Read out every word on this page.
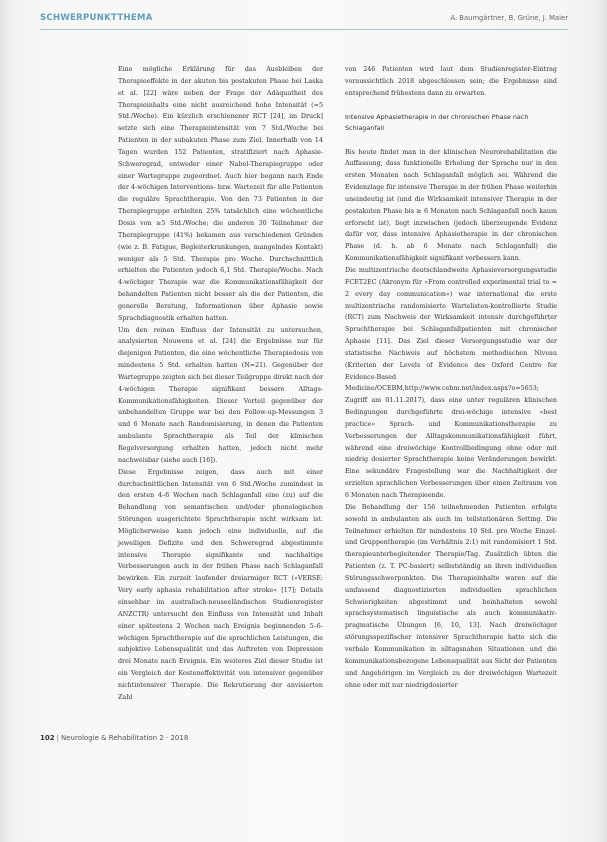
SCHWERPUNKTTHEMA	A. Baumgärtner, B. Grüne, J. Maier

Eine mögliche Erklärung für das Ausbleiben der Therapieeffekte in der akuten bis postakuten Phase bei Laska et al. [22] wäre neben der Frage der Adäquatheit des Therapieinhalts eine nicht ausreichend hohe Intensität (=5 Std./Woche). Ein kürzlich erschienener RCT [24], im Druck] setzte sich eine Therapieintensität von 7 Std./Woche bei Patienten in der subakuten Phase zum Ziel. Innerhalb von 14 Tagen wurden 152 Patienten, stratifiziert nach Aphasie-Schweregrad, entweder einer Nabel-Therapiegruppe oder einer Wartegruppe zugeordnet. Auch hier begann nach Ende der 4-wöchigen Interventions- bzw. Wartezeit für alle Patienten die reguläre Sprachtherapie. Von den 73 Patienten in der Therapiegruppe erhielten 25% tatsächlich eine wöchentliche Dosis von ≥5 Std./Woche; die anderen 30 Teilnehmer der Therapiegruppe (41%) bekamen aus verschiedenen Gründen (wie z. B. Fatigue, Begleiterkrankungen, mangelndes Kontakt) weniger als 5 Std. Therapie pro Woche. Durchschnittlich erhielten die Patienten jedoch 6,1 Std. Therapie/Woche. Nach 4-wöchiger Therapie war die Kommunikationsfähigkeit der behandelten Patienten nicht besser als die der Patienten, die generelle Beratung, Informationen über Aphasie sowie Sprachdiagnostik erhalten hatten.

Um den reinen Einfluss der Intensität zu untersuchen, analysierten Nouwens et al. [24] die Ergebnisse nur für diejenigen Patienten, die eine wöchentliche Therapiedosis von mindestens 5 Std. erhalten hatten (N=21). Gegenüber der Wartegruppe zeigten sich bei dieser Teilgruppe direkt nach der 4-wöchigen Therapie signifikant bessere Alltags-Kommunikationsfähigkeiten. Dieser Vorteil gegenüber der unbehandelten Gruppe war bei den Follow-up-Messungen 3 und 6 Monate nach Randomisierung, in denen die Patienten ambulante Sprachtherapie als Teil der klinischen Regelversorgung erhalten hatten, jedoch nicht mehr nachweisbar (siehe auch [16]).

Diese Ergebnisse zeigen, dass auch mit einer durchschnittlichen Intensität von 6 Std./Woche zumindest in den ersten 4–6 Wochen nach Schlaganfall eine (zu) auf die Behandlung von semantischen und/oder phonologischen Störungen ausgerichtete Sprachtherapie nicht wirksam ist. Möglicherweise kann jedoch eine individuelle, auf die jeweiligen Defizite und den Schweregrad abgestimmte intensive Therapie signifikante und nachhaltige Verbesserungen auch in der frühen Phase nach Schlaganfall bewirken. Ein zurzeit laufender dreiarmiger RCT (»VERSE: Very early aphasia rehabilitation after stroke« [17]; Details einsehbar im australisch-neuseeländischen Studienregister ANZCTR) untersucht den Einfluss von Intensität und Inhalt einer spätestens 2 Wochen nach Ereignis beginnenden 5–6-wöchigen Sprachtherapie auf die sprachlichen Leistungen, die subjektive Lebensqualität und das Auftreten von Depression drei Monate nach Ereignis. Ein weiteres Ziel dieser Studie ist ein Vergleich der Kosteneffektivität von intensiver gegenüber nichtintensiver Therapie. Die Rekrutierung der anvisierten Zahl

von 246 Patienten wird laut dem Studienregister-Eintrag voraussichtlich 2018 abgeschlossen sein; die Ergebnisse sind entsprechend frühestens dann zu erwarten.

Intensive Aphasietherapie in der chronischen Phase nach

Schlaganfall

Bis heute findet man in der klinischen Neurorehabilitation die Auffassung, dass funktionelle Erholung der Sprache nur in den ersten Monaten nach Schlaganfall möglich sei. Während die Evidenzlage für intensive Therapie in der frühen Phase weiterhin uneindeutig ist (und die Wirksamkeit intensiver Therapie in der postakuten Phase bis ≥ 6 Monaten nach Schlaganfall noch kaum erforscht ist), liegt inzwischen (jedoch überzeugende Evidenz dafür vor, dass intensive Aphasietherapie in der chronischen Phase (d. h. ab 6 Monate nach Schlaganfall) die Kommunikationsfähigkeit signifikant verbessern kann.

Die multizentrische deutschlandweite Aphasieversorgungsstudie FCET2EC (Akronym für »From controlled experimental trial to = 2 every day communication«) war international die erste multizentrische randomisierte Wartelisten-kontrollierte Studie (RCT) zum Nachweis der Wirksamkeit intensiv durchgeführter Sprachtherapie bei Schlaganfallpatienten mit chronischer Aphasie [11]. Das Ziel dieser Versorgungsstudie war der statistische Nachweis auf höchstem methodischen Niveau (Kriterien der Levels of Evidence des Oxford Centre for Evidence-Based Medicine/OCEBM,http://www.cebm.net/index.aspx?o=5653; Zugriff am 01.11.2017), dass eine unter regulären klinischen Bedingungen durchgeführte drei-wöchige intensive »best practice« Sprach- und Kommunikationstherapie zu Verbesserungen der Alltagskommunikationsfähigkeit führt, während eine dreiwöchige Kontrollbedingung ohne oder mit niedrig dosierter Sprachtherapie keine Veränderungen bewirkt. Eine sekundäre Fragestellung war die Nachhaltigkeit der erzielten sprachlichen Verbesserungen über einen Zeitraum von 6 Monaten nach Therapieende.

Die Behandlung der 156 teilnehmenden Patienten erfolgte sowohl in ambulanten als auch im teilstationären Setting. Die Teilnehmer erhielten für mindestens 10 Std. pro Woche Einzel- und Gruppentherapie (im Verhältnis 2:1) mit randomisiert 1 Std. therapieunterbegleitender Therapie/Tag. Zusätzlich übten die Patienten (z. T. PC-basiert) selbstständig an ihren individuellen Störungsschwerpunkten. Die Therapieinhalte waren auf die umfassend diagnostizierten individuellen sprachlichen Schwierigkeiten abgestimmt und beinhalteten sowohl sprachsystematisch linguistische als auch kommunikativ-pragmatische Übungen [6, 10, 13]. Nach dreiwöchiger störungsspezifischer intensiver Sprachtherapie hatte sich die verbale Kommunikation in alltagsnahen Situationen und die kommunikationsbezogene Lebensqualität aus Sicht der Patienten und Angehörigen im Vergleich zu der dreiwöchigen Wartezeit ohne oder mit nur niedrigdosierter

102 | Neurologie & Rehabilitation 2 · 2018
